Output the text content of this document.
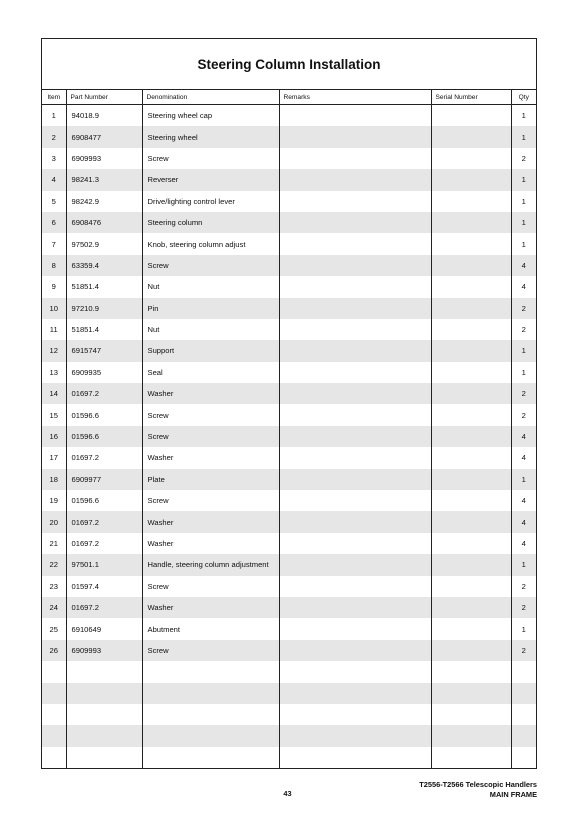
Steering Column Installation
Item	Part Number	Denomination	Remarks	Serial Number	Qty
1	94018.9	Steering wheel cap			1
2	6908477	Steering wheel			1
3	6909993	Screw			2
4	98241.3	Reverser			1
5	98242.9	Drive/lighting control lever			1
6	6908476	Steering column			1
7	97502.9	Knob, steering column adjust			1
8	63359.4	Screw			4
9	51851.4	Nut			4
10	97210.9	Pin			2
11	51851.4	Nut			2
12	6915747	Support			1
13	6909935	Seal			1
14	01697.2	Washer			2
15	01596.6	Screw			2
16	01596.6	Screw			4
17	01697.2	Washer			4
18	6909977	Plate			1
19	01596.6	Screw			4
20	01697.2	Washer			4
21	01697.2	Washer			4
22	97501.1	Handle, steering column adjustment			1
23	01597.4	Screw			2
24	01697.2	Washer			2
25	6910649	Abutment			1
26	6909993	Screw			2

T2556-T2566 Telescopic Handlers
MAIN FRAME
43
